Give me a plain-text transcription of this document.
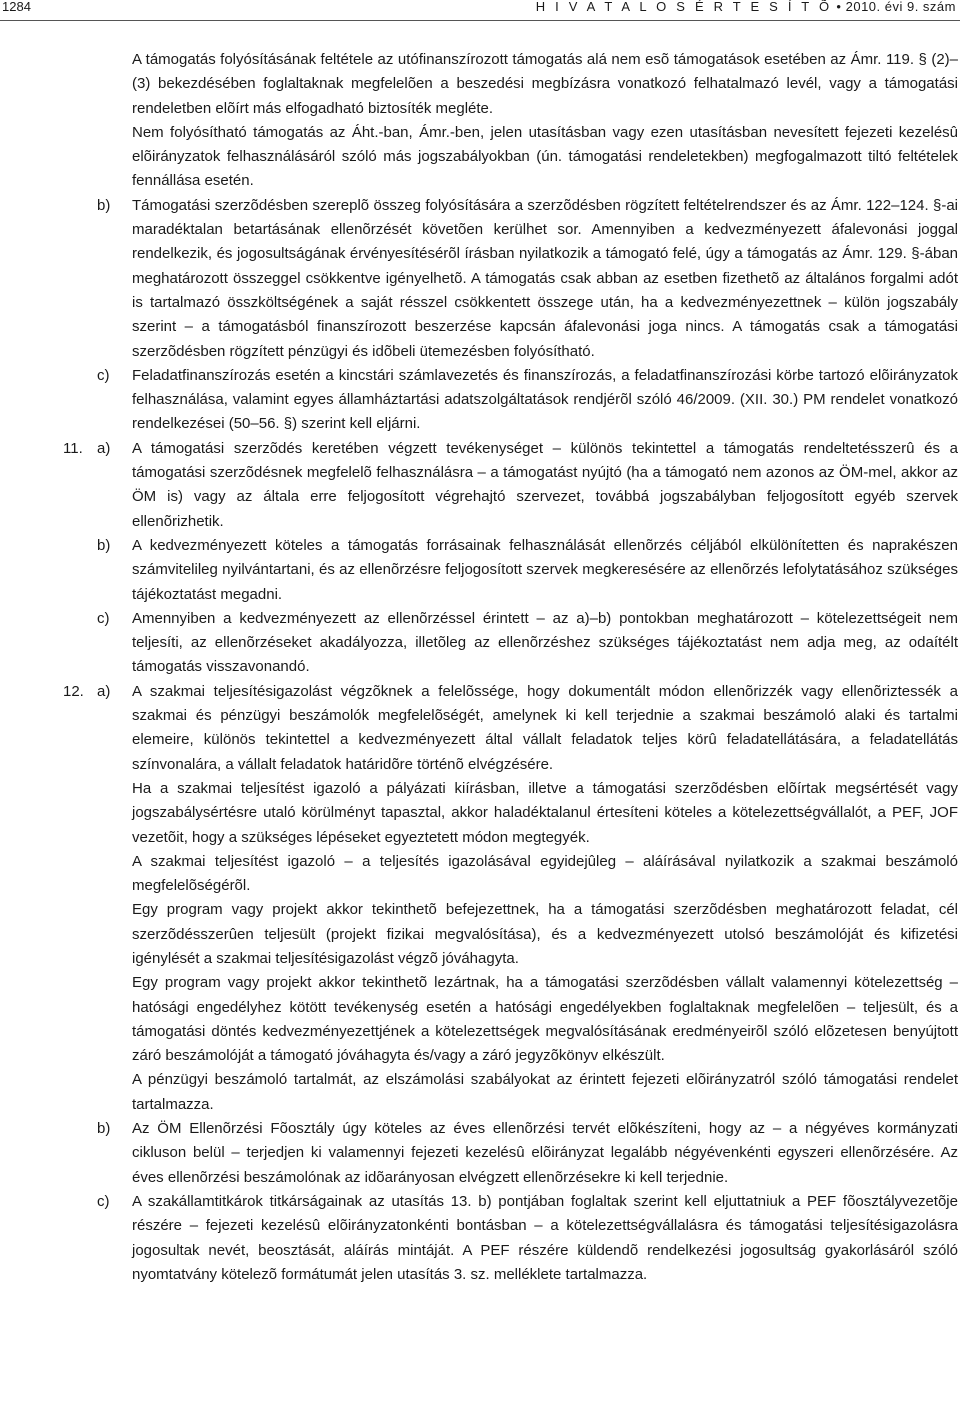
1284	H I V A T A L O S É R T E S Í T Õ • 2010. évi 9. szám
A támogatás folyósításának feltétele az utófinanszírozott támogatás alá nem esõ támogatások esetében az Ámr. 119. § (2)–(3) bekezdésében foglaltaknak megfelelõen a beszedési megbízásra vonatkozó felhatalmazó levél, vagy a támogatási rendeletben elõírt más elfogadható biztosíték megléte.
Nem folyósítható támogatás az Áht.-ban, Ámr.-ben, jelen utasításban vagy ezen utasításban nevesített fejezeti kezelésû elõirányzatok felhasználásáról szóló más jogszabályokban (ún. támogatási rendeletekben) megfogalmazott tiltó feltételek fennállása esetén.
b) Támogatási szerzõdésben szereplõ összeg folyósítására a szerzõdésben rögzített feltételrendszer és az Ámr. 122–124. §-ai maradéktalan betartásának ellenõrzését követõen kerülhet sor. Amennyiben a kedvezményezett áfalevonási joggal rendelkezik, és jogosultságának érvényesítésérõl írásban nyilatkozik a támogató felé, úgy a támogatás az Ámr. 129. §-ában meghatározott összeggel csökkentve igényelhetõ. A támogatás csak abban az esetben fizethetõ az általános forgalmi adót is tartalmazó összköltségének a saját résszel csökkentett összege után, ha a kedvezményezettnek – külön jogszabály szerint – a támogatásból finanszírozott beszerzése kapcsán áfalevonási joga nincs. A támogatás csak a támogatási szerzõdésben rögzített pénzügyi és idõbeli ütemezésben folyósítható.
c) Feladatfinanszírozás esetén a kincstári számlavezetés és finanszírozás, a feladatfinanszírozási körbe tartozó elõirányzatok felhasználása, valamint egyes államháztartási adatszolgáltatások rendjérõl szóló 46/2009. (XII. 30.) PM rendelet vonatkozó rendelkezései (50–56. §) szerint kell eljárni.
11. a) A támogatási szerzõdés keretében végzett tevékenységet – különös tekintettel a támogatás rendeltetésszerû és a támogatási szerzõdésnek megfelelõ felhasználásra – a támogatást nyújtó (ha a támogató nem azonos az ÖM-mel, akkor az ÖM is) vagy az általa erre feljogosított végrehajtó szervezet, továbbá jogszabályban feljogosított egyéb szervek ellenõrizhetik.
b) A kedvezményezett köteles a támogatás forrásainak felhasználását ellenõrzés céljából elkülönítetten és naprakészen számvitelileg nyilvántartani, és az ellenõrzésre feljogosított szervek megkeresésére az ellenõrzés lefolytatásához szükséges tájékoztatást megadni.
c) Amennyiben a kedvezményezett az ellenõrzéssel érintett – az a)–b) pontokban meghatározott – kötelezettségeit nem teljesíti, az ellenõrzéseket akadályozza, illetõleg az ellenõrzéshez szükséges tájékoztatást nem adja meg, az odaítélt támogatás visszavonandó.
12. a) A szakmai teljesítésigazolást végzõknek a felelõssége, hogy dokumentált módon ellenõrizzék vagy ellenõriztessék a szakmai és pénzügyi beszámolók megfelelõségét, amelynek ki kell terjednie a szakmai beszámoló alaki és tartalmi elemeire, különös tekintettel a kedvezményezett által vállalt feladatok teljes körû feladatellátására, a feladatellátás színvonalára, a vállalt feladatok határidõre történõ elvégzésére.
Ha a szakmai teljesítést igazoló a pályázati kiírásban, illetve a támogatási szerzõdésben elõírtak megsértését vagy jogszabálysértésre utaló körülményt tapasztal, akkor haladéktalanul értesíteni köteles a kötelezettségvállalót, a PEF, JOF vezetõit, hogy a szükséges lépéseket egyeztetett módon megtegyék.
A szakmai teljesítést igazoló – a teljesítés igazolásával egyidejûleg – aláírásával nyilatkozik a szakmai beszámoló megfelelõségérõl.
Egy program vagy projekt akkor tekinthetõ befejezettnek, ha a támogatási szerzõdésben meghatározott feladat, cél szerzõdésszerûen teljesült (projekt fizikai megvalósítása), és a kedvezményezett utolsó beszámolóját és kifizetési igénylését a szakmai teljesítésigazolást végzõ jóváhagyta.
Egy program vagy projekt akkor tekinthetõ lezártnak, ha a támogatási szerzõdésben vállalt valamennyi kötelezettség – hatósági engedélyhez kötött tevékenység esetén a hatósági engedélyekben foglaltaknak megfelelõen – teljesült, és a támogatási döntés kedvezményezettjének a kötelezettségek megvalósításának eredményeirõl szóló elõzetesen benyújtott záró beszámolóját a támogató jóváhagyta és/vagy a záró jegyzõkönyv elkészült.
A pénzügyi beszámoló tartalmát, az elszámolási szabályokat az érintett fejezeti elõirányzatról szóló támogatási rendelet tartalmazza.
b) Az ÖM Ellenõrzési Fõosztály úgy köteles az éves ellenõrzési tervét elõkészíteni, hogy az – a négyéves kormányzati cikluson belül – terjedjen ki valamennyi fejezeti kezelésû elõirányzat legalább négyévenkénti egyszeri ellenõrzésére. Az éves ellenõrzési beszámolónak az idõarányosan elvégzett ellenõrzésekre ki kell terjednie.
c) A szakállamtitkárok titkárságainak az utasítás 13. b) pontjában foglaltak szerint kell eljuttatniuk a PEF fõosztályvezetõje részére – fejezeti kezelésû elõirányzatonkénti bontásban – a kötelezettségvállalásra és támogatási teljesítésigazolásra jogosultak nevét, beosztását, aláírás mintáját. A PEF részére küldendõ rendelkezési jogosultság gyakorlásáról szóló nyomtatvány kötelezõ formátumát jelen utasítás 3. sz. melléklete tartalmazza.
